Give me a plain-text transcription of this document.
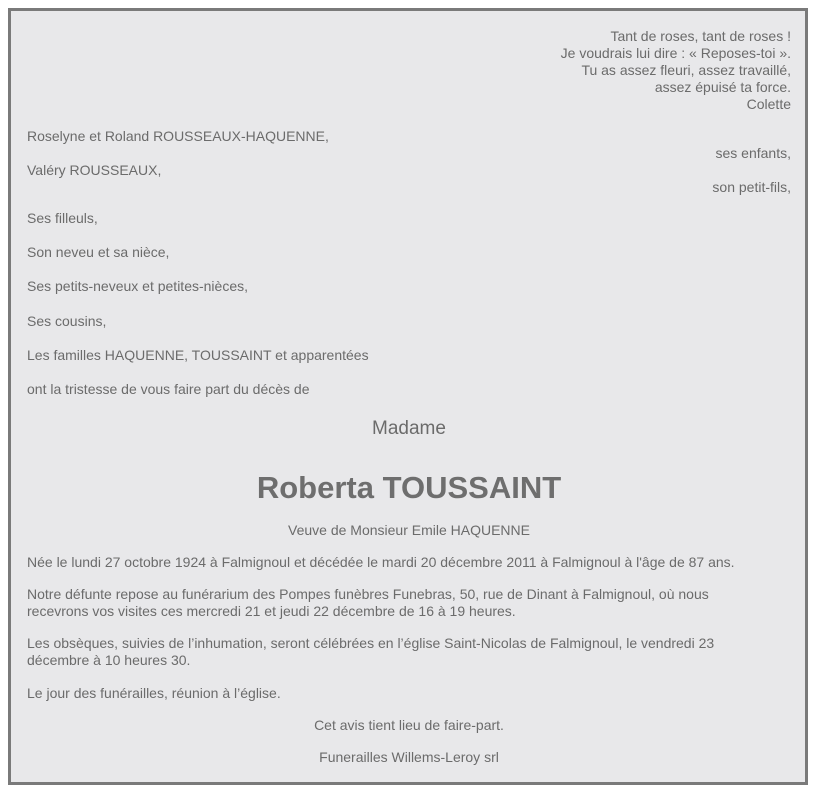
Tant de roses, tant de roses !
Je voudrais lui dire : « Reposes-toi ».
Tu as assez fleuri, assez travaillé,
assez épuisé ta force.
Colette
Roselyne et Roland ROUSSEAUX-HAQUENNE,
ses enfants,
Valéry ROUSSEAUX,
son petit-fils,
Ses filleuls,
Son neveu et sa nièce,
Ses petits-neveux et petites-nièces,
Ses cousins,
Les familles HAQUENNE, TOUSSAINT et apparentées
ont la tristesse de vous faire part du décès de
Madame
Roberta TOUSSAINT
Veuve de Monsieur Emile HAQUENNE
Née le lundi 27 octobre 1924 à Falmignoul et décédée le mardi 20 décembre 2011 à Falmignoul à l'âge de 87 ans.
Notre défunte repose au funérarium des Pompes funèbres Funebras, 50, rue de Dinant à Falmignoul, où nous recevrons vos visites ces mercredi 21 et jeudi 22 décembre de 16 à 19 heures.
Les obsèques, suivies de l’inhumation, seront célébrées en l’église Saint-Nicolas de Falmignoul, le vendredi 23 décembre à 10 heures 30.
Le jour des funérailles, réunion à l’église.
Cet avis tient lieu de faire-part.
Funerailles Willems-Leroy srl
